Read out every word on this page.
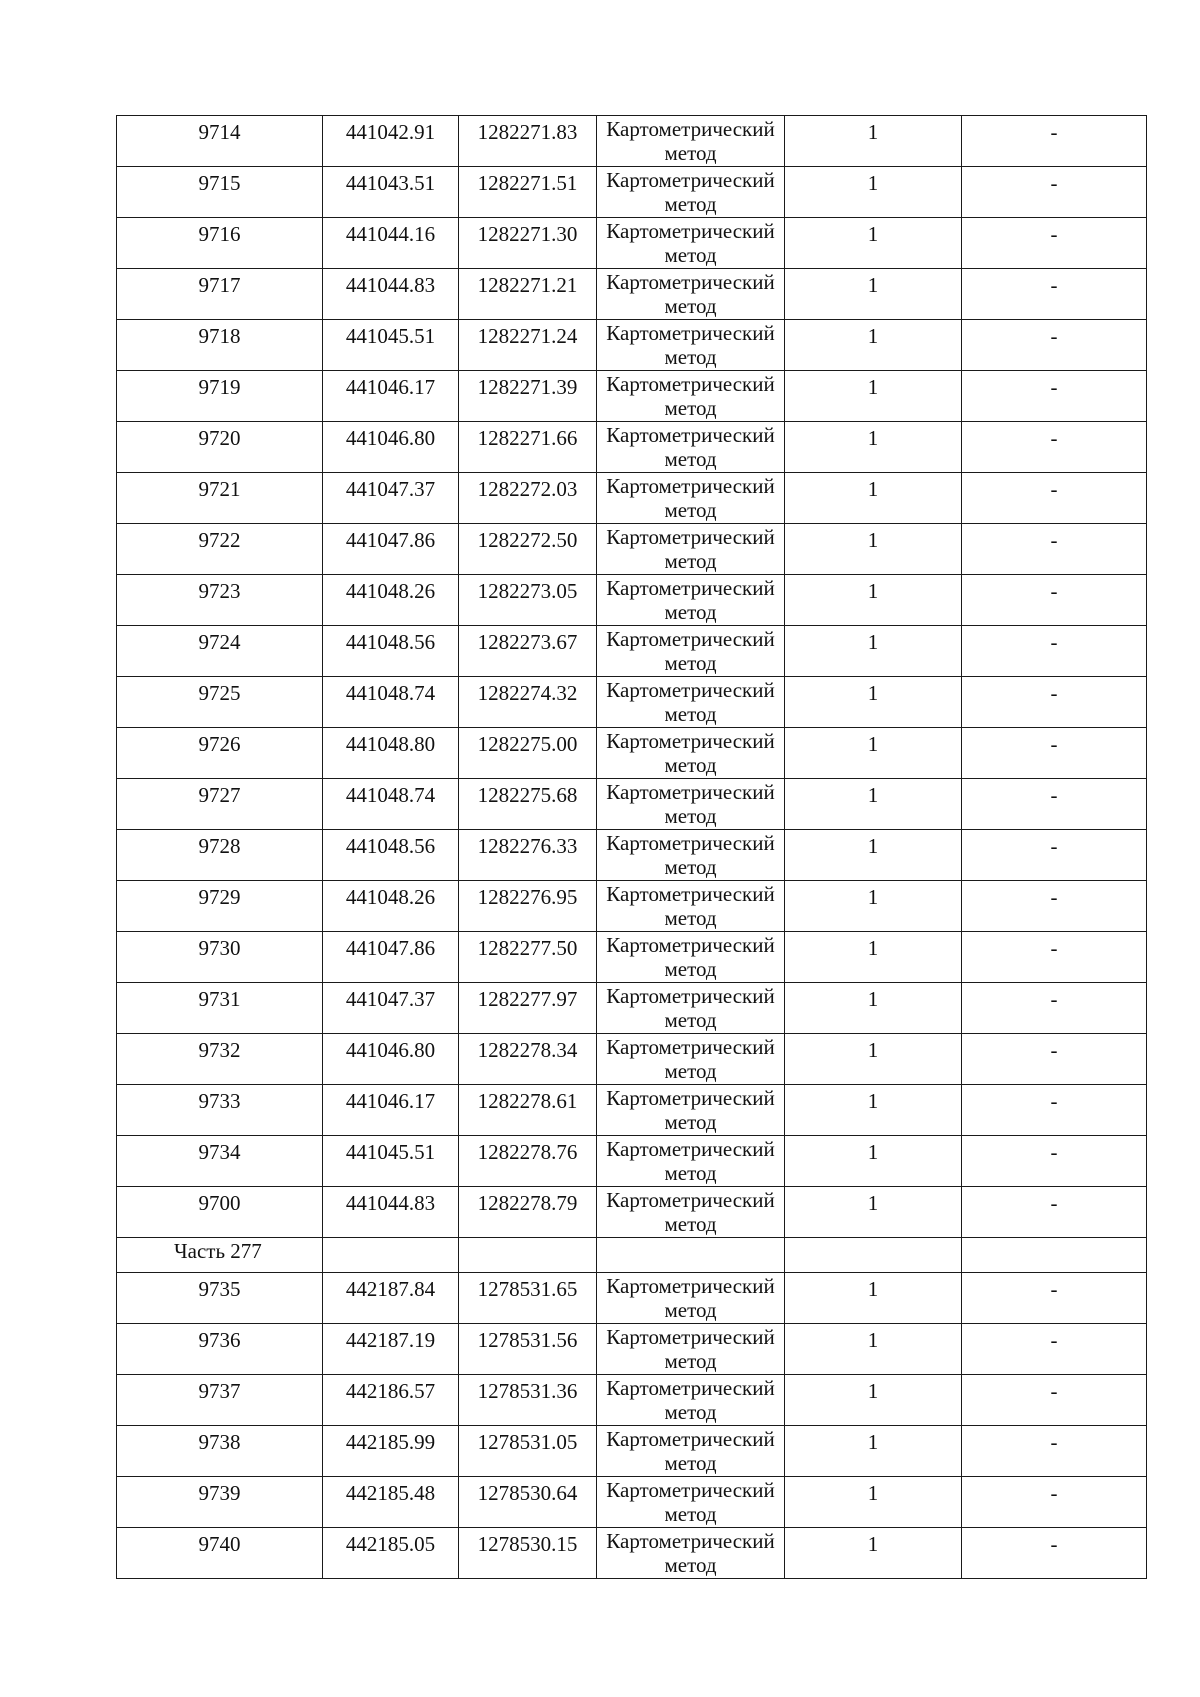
9714	441042.91	1282271.83	Картометрический метод	1	-
9715	441043.51	1282271.51	Картометрический метод	1	-
9716	441044.16	1282271.30	Картометрический метод	1	-
9717	441044.83	1282271.21	Картометрический метод	1	-
9718	441045.51	1282271.24	Картометрический метод	1	-
9719	441046.17	1282271.39	Картометрический метод	1	-
9720	441046.80	1282271.66	Картометрический метод	1	-
9721	441047.37	1282272.03	Картометрический метод	1	-
9722	441047.86	1282272.50	Картометрический метод	1	-
9723	441048.26	1282273.05	Картометрический метод	1	-
9724	441048.56	1282273.67	Картометрический метод	1	-
9725	441048.74	1282274.32	Картометрический метод	1	-
9726	441048.80	1282275.00	Картометрический метод	1	-
9727	441048.74	1282275.68	Картометрический метод	1	-
9728	441048.56	1282276.33	Картометрический метод	1	-
9729	441048.26	1282276.95	Картометрический метод	1	-
9730	441047.86	1282277.50	Картометрический метод	1	-
9731	441047.37	1282277.97	Картометрический метод	1	-
9732	441046.80	1282278.34	Картометрический метод	1	-
9733	441046.17	1282278.61	Картометрический метод	1	-
9734	441045.51	1282278.76	Картометрический метод	1	-
9700	441044.83	1282278.79	Картометрический метод	1	-
Часть 277					
9735	442187.84	1278531.65	Картометрический метод	1	-
9736	442187.19	1278531.56	Картометрический метод	1	-
9737	442186.57	1278531.36	Картометрический метод	1	-
9738	442185.99	1278531.05	Картометрический метод	1	-
9739	442185.48	1278530.64	Картометрический метод	1	-
9740	442185.05	1278530.15	Картометрический метод	1	-
